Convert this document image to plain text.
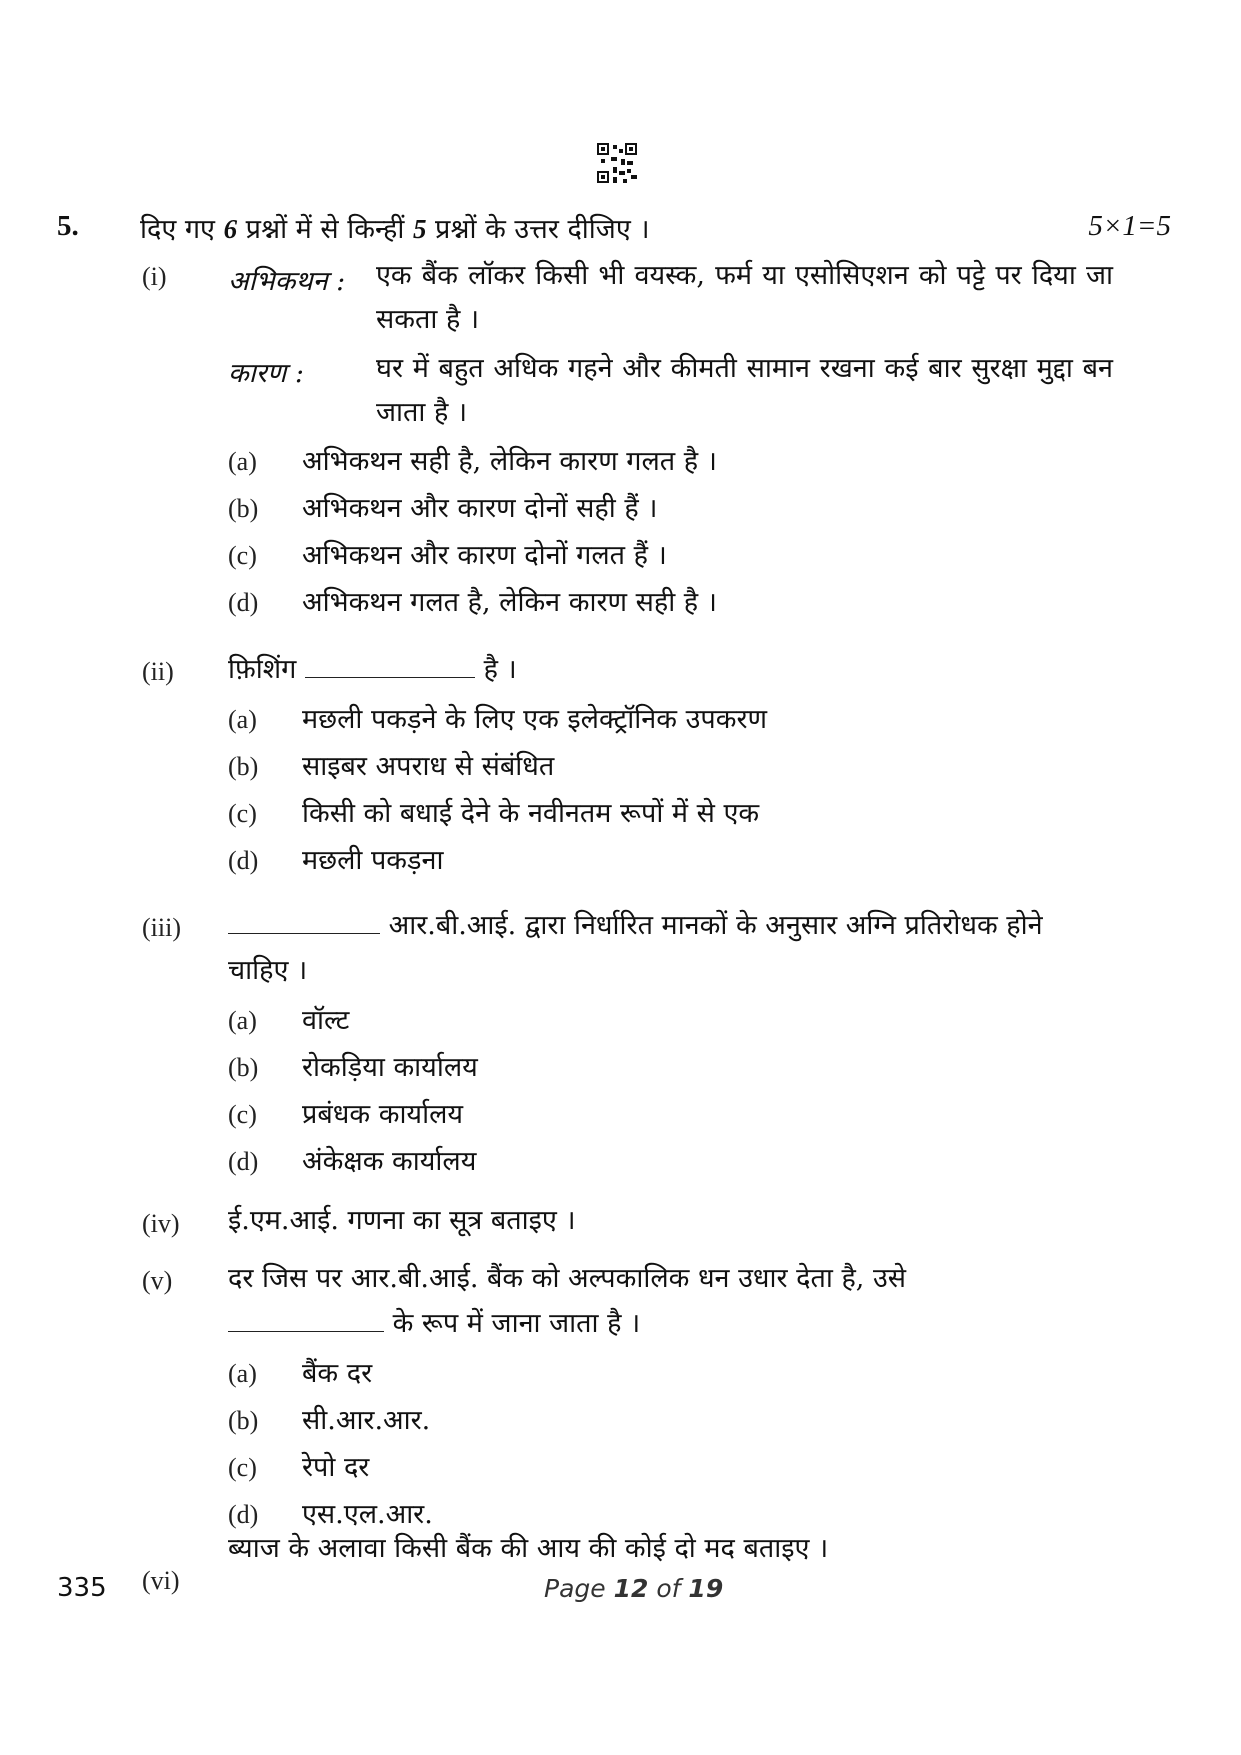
5. दिए गए 6 प्रश्नों में से किन्हीं 5 प्रश्नों के उत्तर दीजिए ।	5×1=5
(i) अभिकथन : एक बैंक लॉकर किसी भी वयस्क, फर्म या एसोसिएशन को पट्टे पर दिया जा सकता है ।
कारण :	घर में बहुत अधिक गहने और कीमती सामान रखना कई बार सुरक्षा मुद्दा बन जाता है ।
(a) अभिकथन सही है, लेकिन कारण गलत है ।
(b) अभिकथन और कारण दोनों सही हैं ।
(c) अभिकथन और कारण दोनों गलत हैं ।
(d) अभिकथन गलत है, लेकिन कारण सही है ।
(ii) फ़िशिंग	है ।
(a) मछली पकड़ने के लिए एक इलेक्ट्रॉनिक उपकरण
(b) साइबर अपराध से संबंधित
(c) किसी को बधाई देने के नवीनतम रूपों में से एक
(d) मछली पकड़ना
(iii)	आर.बी.आई. द्वारा निर्धारित मानकों के अनुसार अग्नि प्रतिरोधक होने
चाहिए ।
(a) वॉल्ट
(b) रोकड़िया कार्यालय
(c) प्रबंधक कार्यालय
(d) अंकेक्षक कार्यालय
(iv) ई.एम.आई. गणना का सूत्र बताइए ।
(v) दर जिस पर आर.बी.आई. बैंक को अल्पकालिक धन उधार देता है, उसे
के रूप में जाना जाता है ।
(a) बैंक दर
(b) सी.आर.आर.
(c) रेपो दर
(d) एस.एल.आर.
(vi)
335	Page 12 of 19
ब्याज के अलावा किसी बैंक की आय की कोई दो मद बताइए ।
